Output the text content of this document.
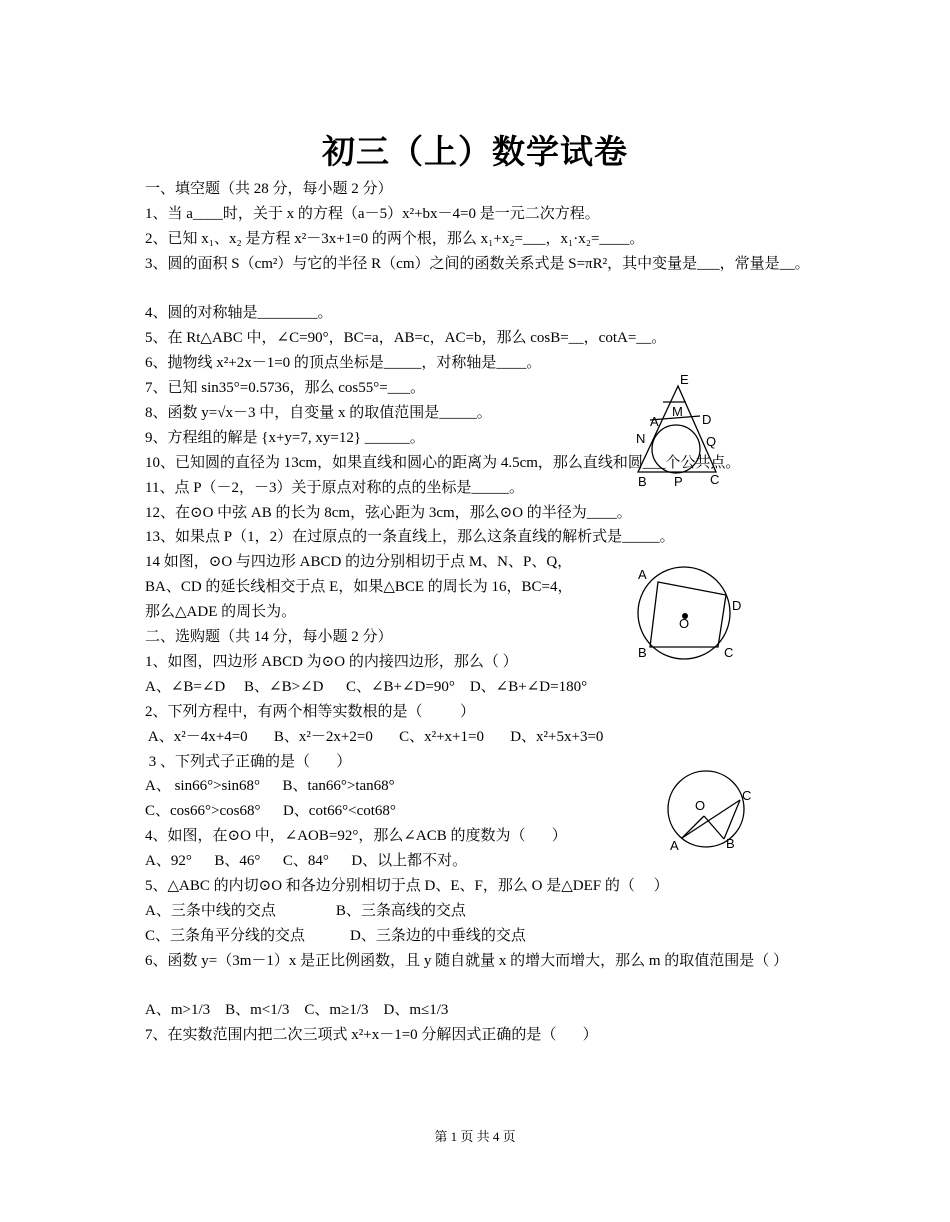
初三（上）数学试卷
一、填空题（共 28 分，每小题 2 分）
1、当 a____时，关于 x 的方程（a－5）x²+bx－4=0 是一元二次方程。
2、已知 x₁、x₂ 是方程 x²－3x+1=0 的两个根，那么 x₁+x₂=___，x₁·x₂=____。
3、圆的面积 S（cm²）与它的半径 R（cm）之间的函数关系式是 S=πR²，其中变量是___，常量是__。
4、圆的对称轴是________。
5、在 Rt△ABC 中，∠C=90°，BC=a，AB=c，AC=b，那么 cosB=__，cotA=__。
6、抛物线 x²+2x－1=0 的顶点坐标是_____，对称轴是____。
7、已知 sin35°=0.5736，那么 cos55°=___。
8、函数 y=√x－3 中，自变量 x 的取值范围是_____。
9、方程组的解是 {x+y=7, xy=12} ______。
10、已知圆的直径为 13cm，如果直线和圆心的距离为 4.5cm，那么直线和圆___个公共点。
11、点 P（－2，－3）关于原点对称的点的坐标是_____。
12、在⊙O 中弦 AB 的长为 8cm，弦心距为 3cm，那么⊙O 的半径为____。
13、如果点 P（1，2）在过原点的一条直线上，那么这条直线的解析式是_____。
14 如图，⊙O 与四边形 ABCD 的边分别相切于点 M、N、P、Q，
BA、CD 的延长线相交于点 E，如果△BCE 的周长为 16，BC=4，
那么△ADE 的周长为。
二、选购题（共 14 分，每小题 2 分）
1、如图，四边形 ABCD 为⊙O 的内接四边形，那么（ ）
A、∠B=∠D     B、∠B>∠D      C、∠B+∠D=90°    D、∠B+∠D=180°
2、下列方程中，有两个相等实数根的是（          ）
A、x²－4x+4=0       B、x²－2x+2=0       C、x²+x+1=0       D、x²+5x+3=0
3 、下列式子正确的是（       ）
A、 sin66°>sin68°      B、tan66°>tan68°
C、cos66°>cos68°      D、cot66°<cot68°
4、如图，在⊙O 中，∠AOB=92°，那么∠ACB 的度数为（       ）
A、92°      B、46°      C、84°      D、以上都不对。
5、△ABC 的内切⊙O 和各边分别相切于点 D、E、F，那么 O 是△DEF 的（     ）
A、三条中线的交点                B、三条高线的交点
C、三条角平分线的交点            D、三条边的中垂线的交点
6、函数 y=（3m－1）x 是正比例函数，且 y 随自就量 x 的增大而增大，那么 m 的取值范围是（ ）
A、m>1/3    B、m<1/3    C、m≥1/3    D、m≤1/3
7、在实数范围内把二次三项式 x²+x－1=0 分解因式正确的是（       ）
E
M
A	D
N	Q
B P C
A
D
O
B	C
O
C
A	B
第 1 页 共 4 页
